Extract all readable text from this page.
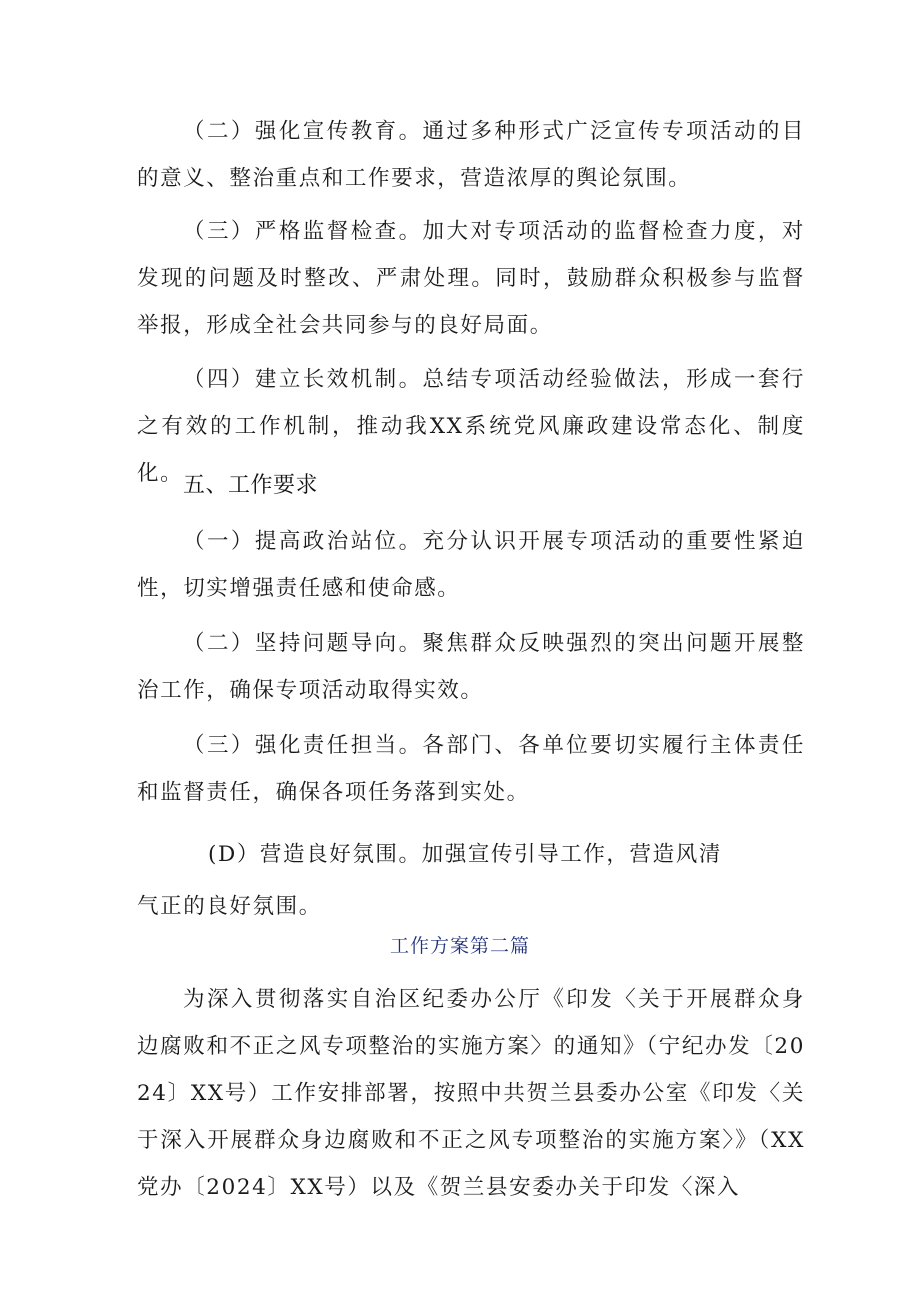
（二）强化宣传教育。通过多种形式广泛宣传专项活动的目的意义、整治重点和工作要求，营造浓厚的舆论氛围。

（三）严格监督检查。加大对专项活动的监督检查力度，对发现的问题及时整改、严肃处理。同时，鼓励群众积极参与监督举报，形成全社会共同参与的良好局面。

（四）建立长效机制。总结专项活动经验做法，形成一套行之有效的工作机制，推动我XX系统党风廉政建设常态化、制度化。 五、工作要求

（一）提高政治站位。充分认识开展专项活动的重要性紧迫性，切实增强责任感和使命感。

（二）坚持问题导向。聚焦群众反映强烈的突出问题开展整治工作，确保专项活动取得实效。

（三）强化责任担当。各部门、各单位要切实履行主体责任和监督责任，确保各项任务落到实处。

(D）营造良好氛围。加强宣传引导工作，营造风清

气正的良好氛围。

工作方案第二篇

为深入贯彻落实自治区纪委办公厅《印发〈关于开展群众身边腐败和不正之风专项整治的实施方案〉的通知》（宁纪办发〔2024〕XX号）工作安排部署，按照中共贺兰县委办公室《印发〈关于深入开展群众身边腐败和不正之风专项整治的实施方案〉》（XX党办〔2024〕XX号）以及《贺兰县安委办关于印发〈深入
